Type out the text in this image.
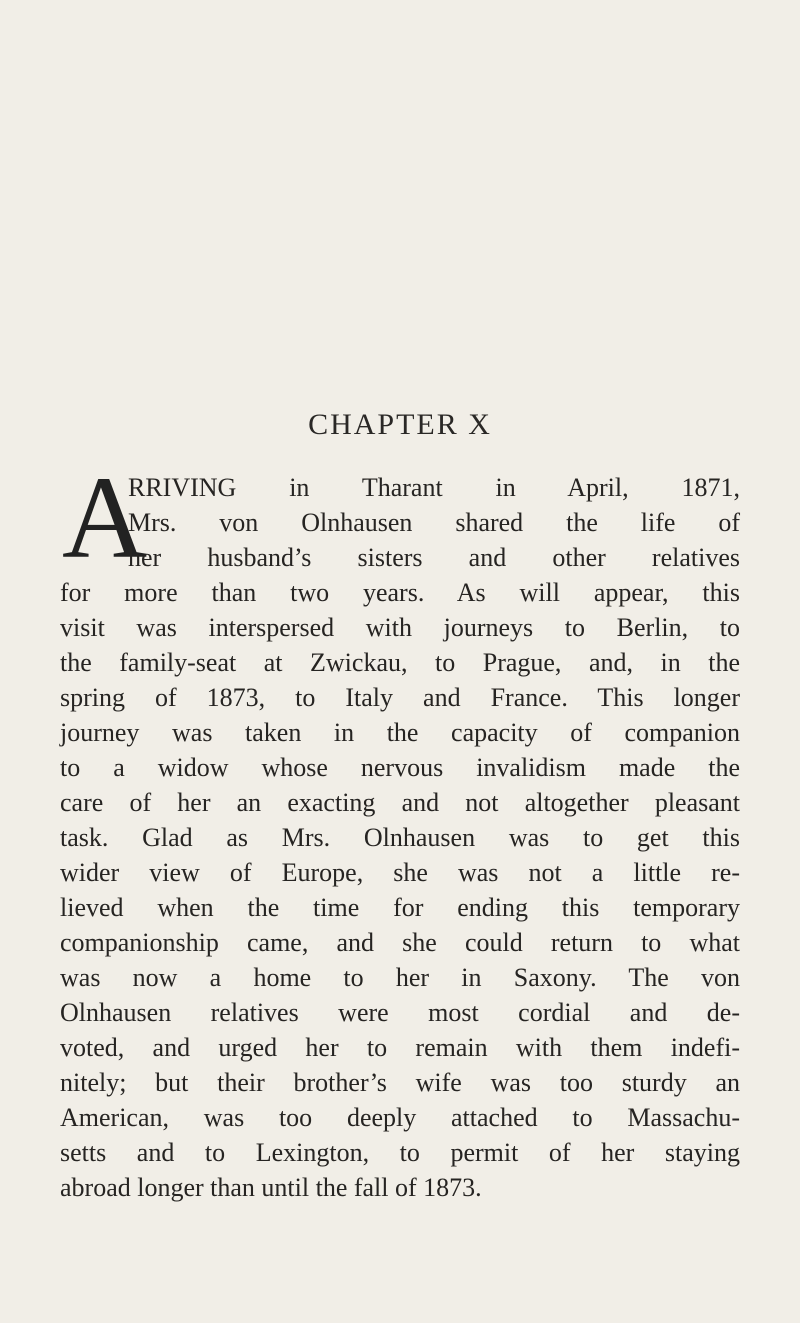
CHAPTER X
A
RRIVING in Tharant in April, 1871,
Mrs. von Olnhausen shared the life of
her husband’s sisters and other relatives
for more than two years. As will appear, this
visit was interspersed with journeys to Berlin, to
the family-seat at Zwickau, to Prague, and, in the
spring of 1873, to Italy and France. This longer
journey was taken in the capacity of companion
to a widow whose nervous invalidism made the
care of her an exacting and not altogether pleasant
task. Glad as Mrs. Olnhausen was to get this
wider view of Europe, she was not a little re-
lieved when the time for ending this temporary
companionship came, and she could return to what
was now a home to her in Saxony. The von
Olnhausen relatives were most cordial and de-
voted, and urged her to remain with them indefi-
nitely; but their brother’s wife was too sturdy an
American, was too deeply attached to Massachu-
setts and to Lexington, to permit of her staying
abroad longer than until the fall of 1873.
